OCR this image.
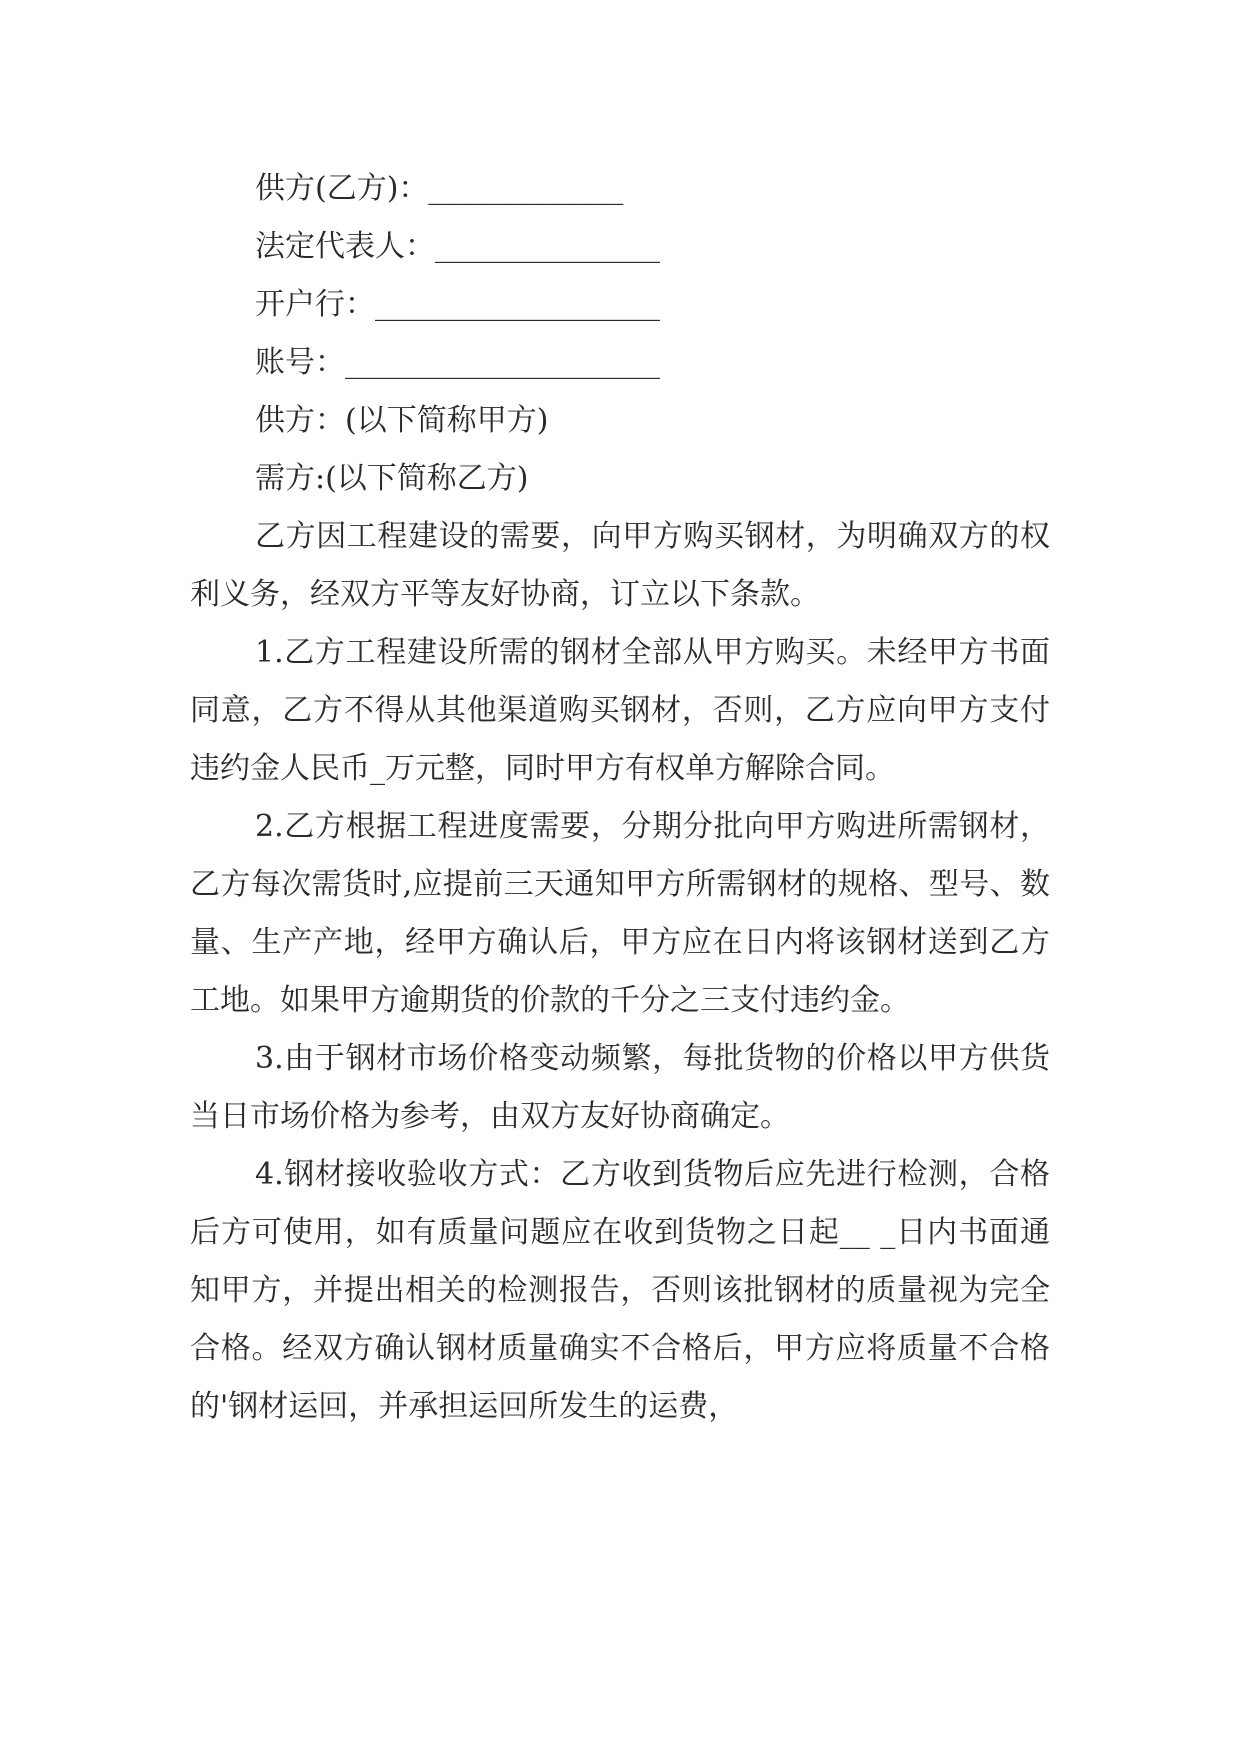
供方(乙方)：_____________

法定代表人：_______________

开户行：___________________

账号：_____________________

供方：(以下简称甲方)

需方:(以下简称乙方)

乙方因工程建设的需要，向甲方购买钢材，为明确双方的权利义务，经双方平等友好协商，订立以下条款。

1.乙方工程建设所需的钢材全部从甲方购买。未经甲方书面同意，乙方不得从其他渠道购买钢材，否则，乙方应向甲方支付违约金人民币_万元整，同时甲方有权单方解除合同。

2.乙方根据工程进度需要，分期分批向甲方购进所需钢材，乙方每次需货时,应提前三天通知甲方所需钢材的规格、型号、数量、生产产地，经甲方确认后，甲方应在日内将该钢材送到乙方工地。如果甲方逾期货的价款的千分之三支付违约金。

3.由于钢材市场价格变动频繁，每批货物的价格以甲方供货当日市场价格为参考，由双方友好协商确定。

4.钢材接收验收方式：乙方收到货物后应先进行检测，合格后方可使用，如有质量问题应在收到货物之日起__ _日内书面通知甲方，并提出相关的检测报告，否则该批钢材的质量视为完全合格。经双方确认钢材质量确实不合格后，甲方应将质量不合格的'钢材运回，并承担运回所发生的运费，
